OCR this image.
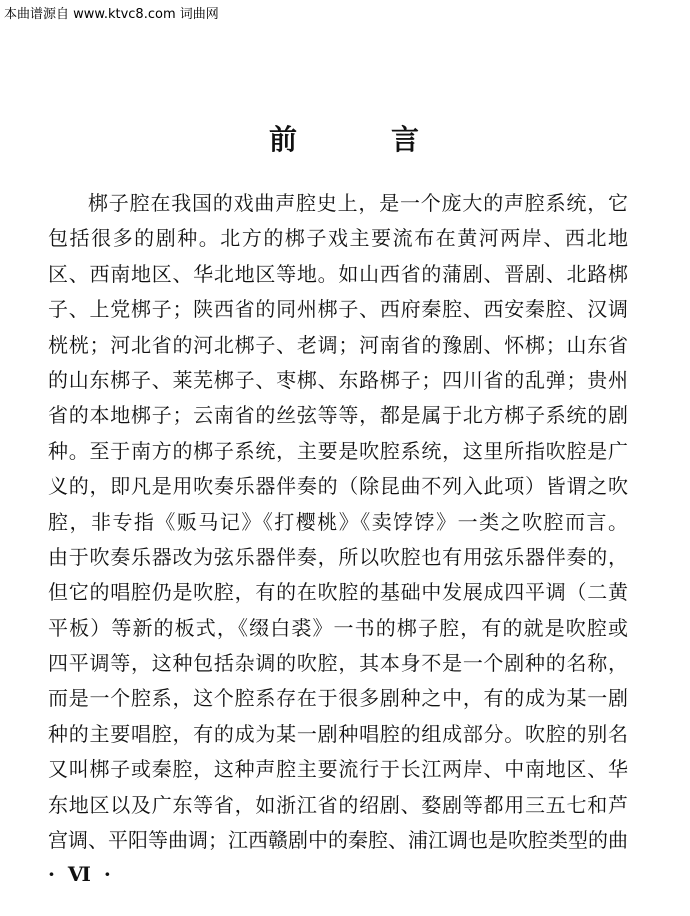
本曲谱源自 www.ktvc8.com 词曲网
前	言
梆子腔在我国的戏曲声腔史上，是一个庞大的声腔系统，它
包括很多的剧种。北方的梆子戏主要流布在黄河两岸、西北地
区、西南地区、华北地区等地。如山西省的蒲剧、晋剧、北路梆
子、上党梆子；陕西省的同州梆子、西府秦腔、西安秦腔、汉调
桄桄；河北省的河北梆子、老调；河南省的豫剧、怀梆；山东省
的山东梆子、莱芜梆子、枣梆、东路梆子；四川省的乱弹；贵州
省的本地梆子；云南省的丝弦等等，都是属于北方梆子系统的剧
种。至于南方的梆子系统，主要是吹腔系统，这里所指吹腔是广
义的，即凡是用吹奏乐器伴奏的（除昆曲不列入此项）皆谓之吹
腔，非专指《贩马记》《打樱桃》《卖饽饽》一类之吹腔而言。
由于吹奏乐器改为弦乐器伴奏，所以吹腔也有用弦乐器伴奏的，
但它的唱腔仍是吹腔，有的在吹腔的基础中发展成四平调（二黄
平板）等新的板式，《缀白裘》一书的梆子腔，有的就是吹腔或
四平调等，这种包括杂调的吹腔，其本身不是一个剧种的名称，
而是一个腔系，这个腔系存在于很多剧种之中，有的成为某一剧
种的主要唱腔，有的成为某一剧种唱腔的组成部分。吹腔的别名
又叫梆子或秦腔，这种声腔主要流行于长江两岸、中南地区、华
东地区以及广东等省，如浙江省的绍剧、婺剧等都用三五七和芦
宫调、平阳等曲调；江西赣剧中的秦腔、浦江调也是吹腔类型的曲
· Ⅵ ·
